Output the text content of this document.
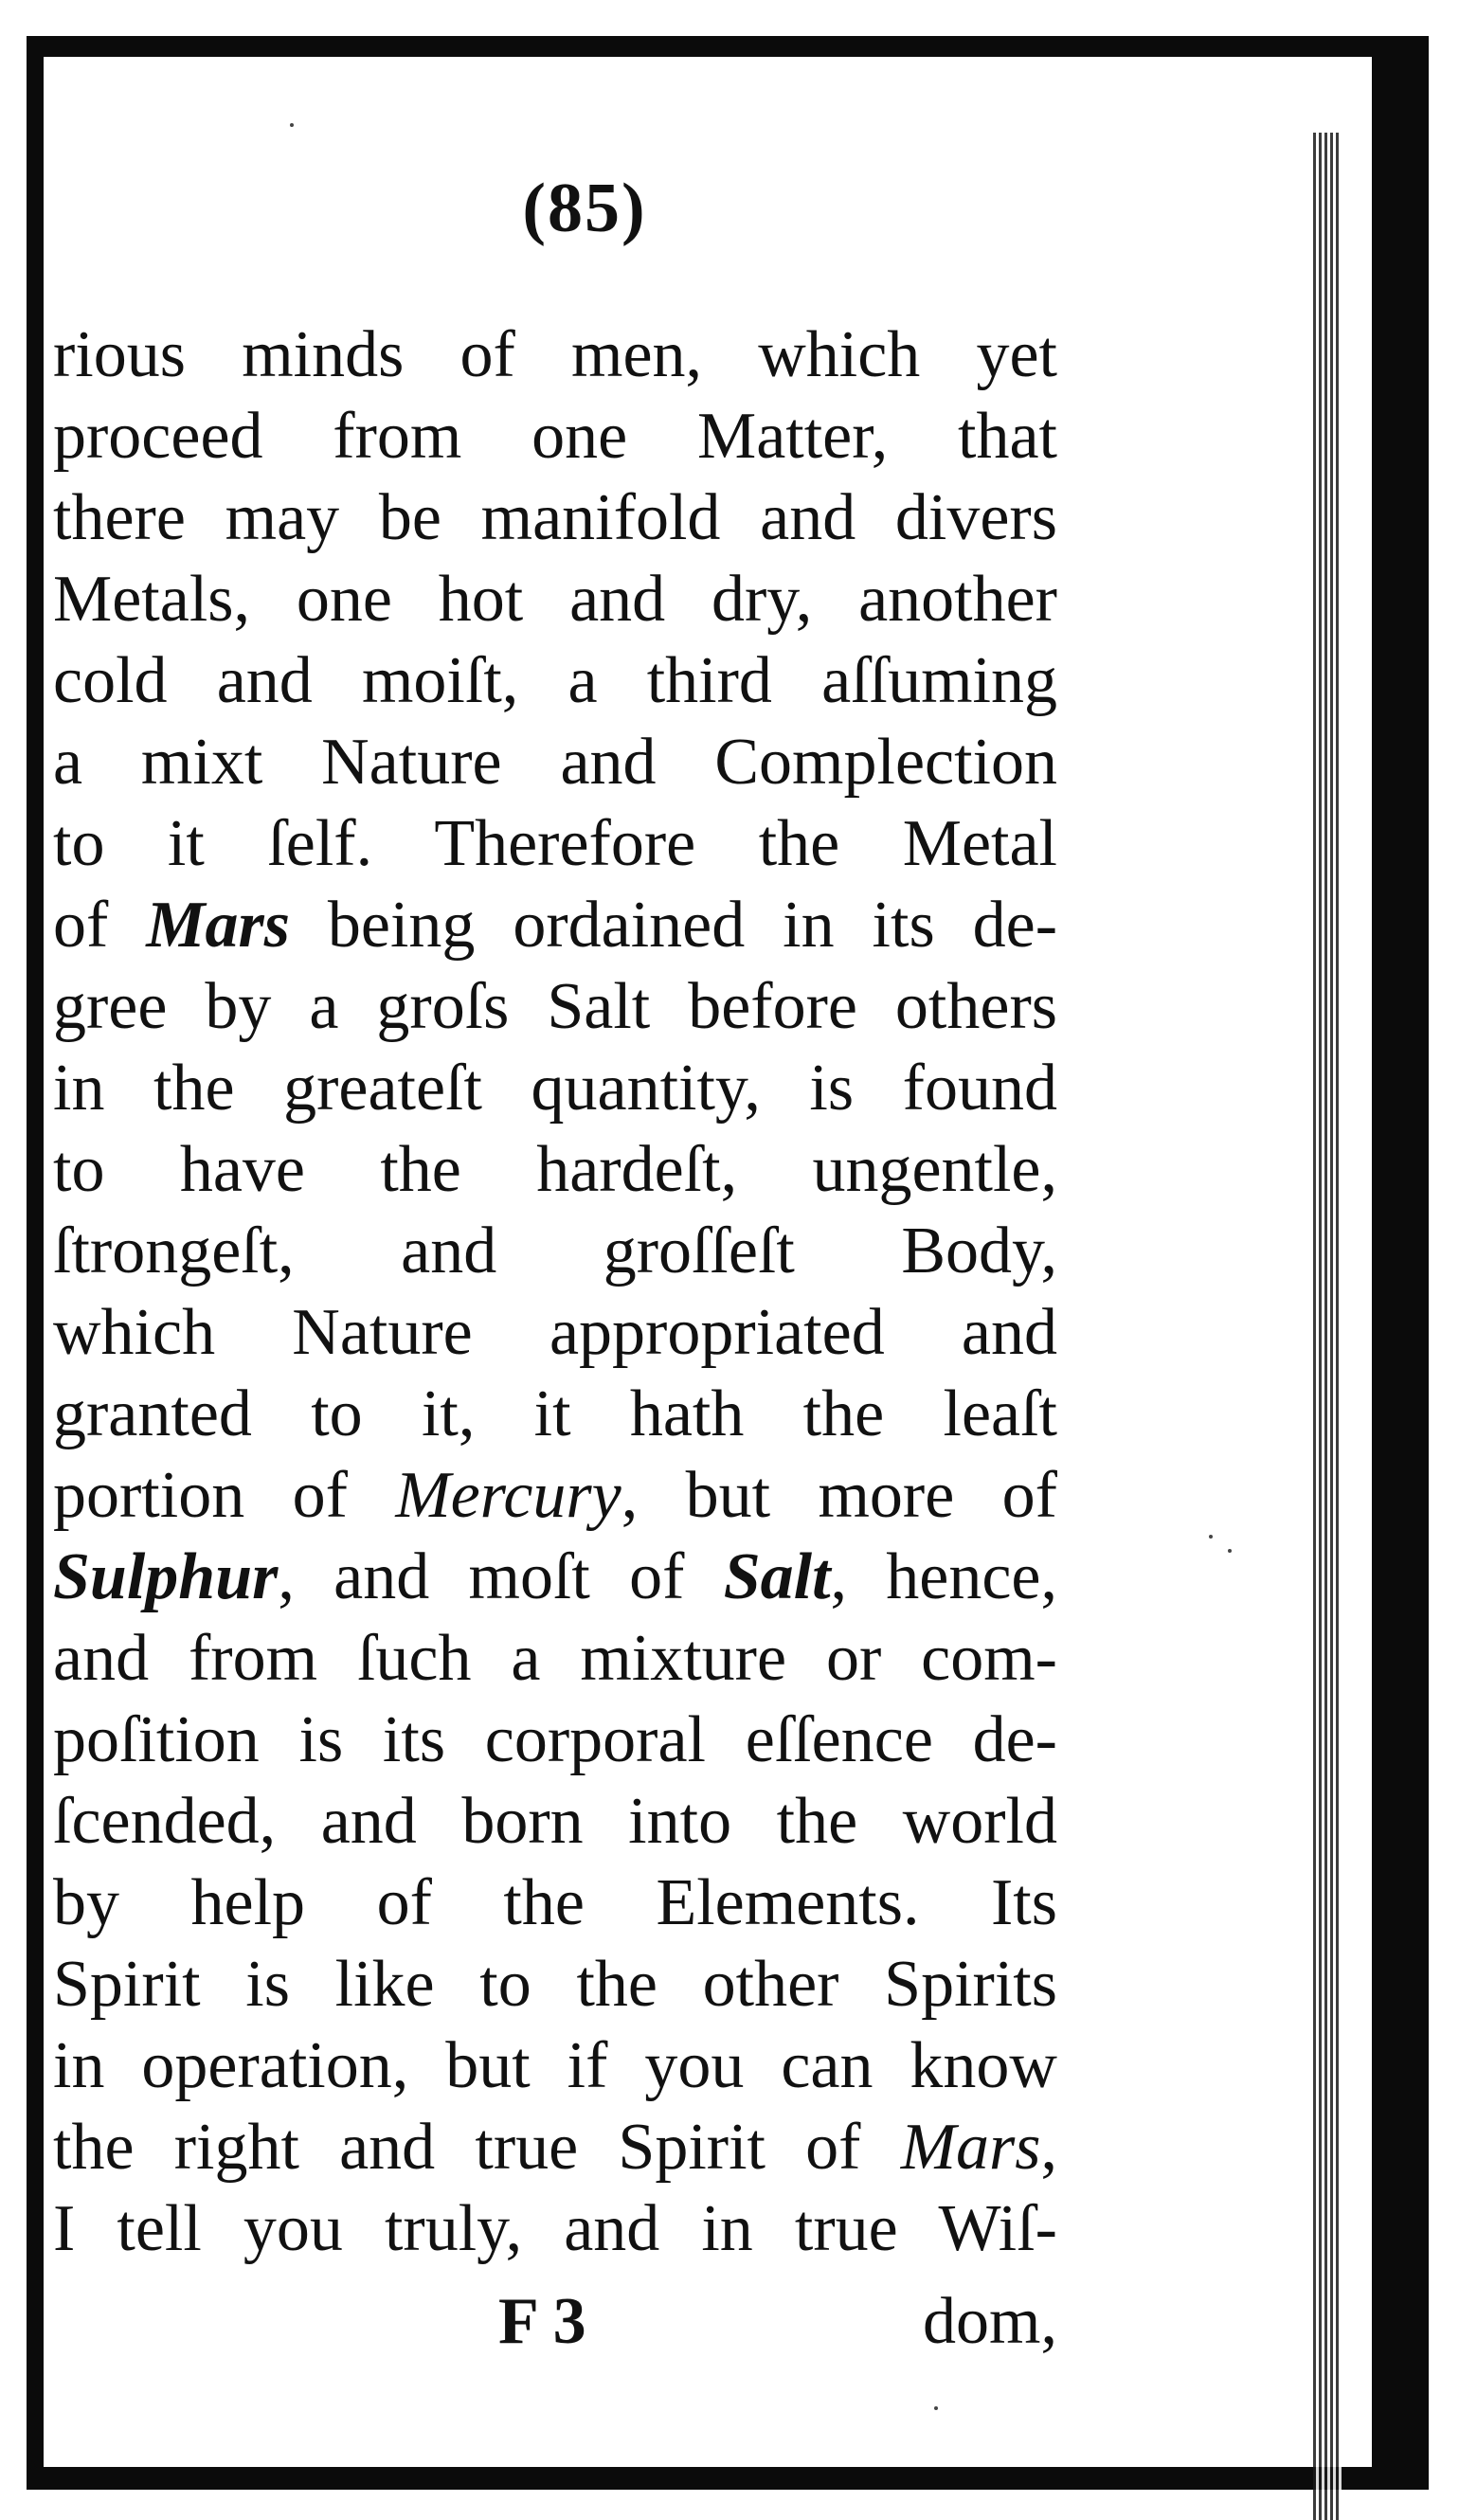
(85)
rious minds of men, which yet
proceed from one Matter, that
there may be manifold and divers
Metals, one hot and dry, another
cold and moiſt, a third aſſuming
a mixt Nature and Complection
to it ſelf. Therefore the Metal
of Mars being ordained in its de-
gree by a groſs Salt before others
in the greateſt quantity, is found
to have the hardeſt, ungentle,
ſtrongeſt, and groſſeſt Body,
which Nature appropriated and
granted to it, it hath the leaſt
portion of Mercury, but more of
Sulphur, and moſt of Salt, hence,
and from ſuch a mixture or com-
poſition is its corporal eſſence de-
ſcended, and born into the world
by help of the Elements. Its
Spirit is like to the other Spirits
in operation, but if you can know
the right and true Spirit of Mars,
I tell you truly, and in true Wiſ-
F 3	dom,
